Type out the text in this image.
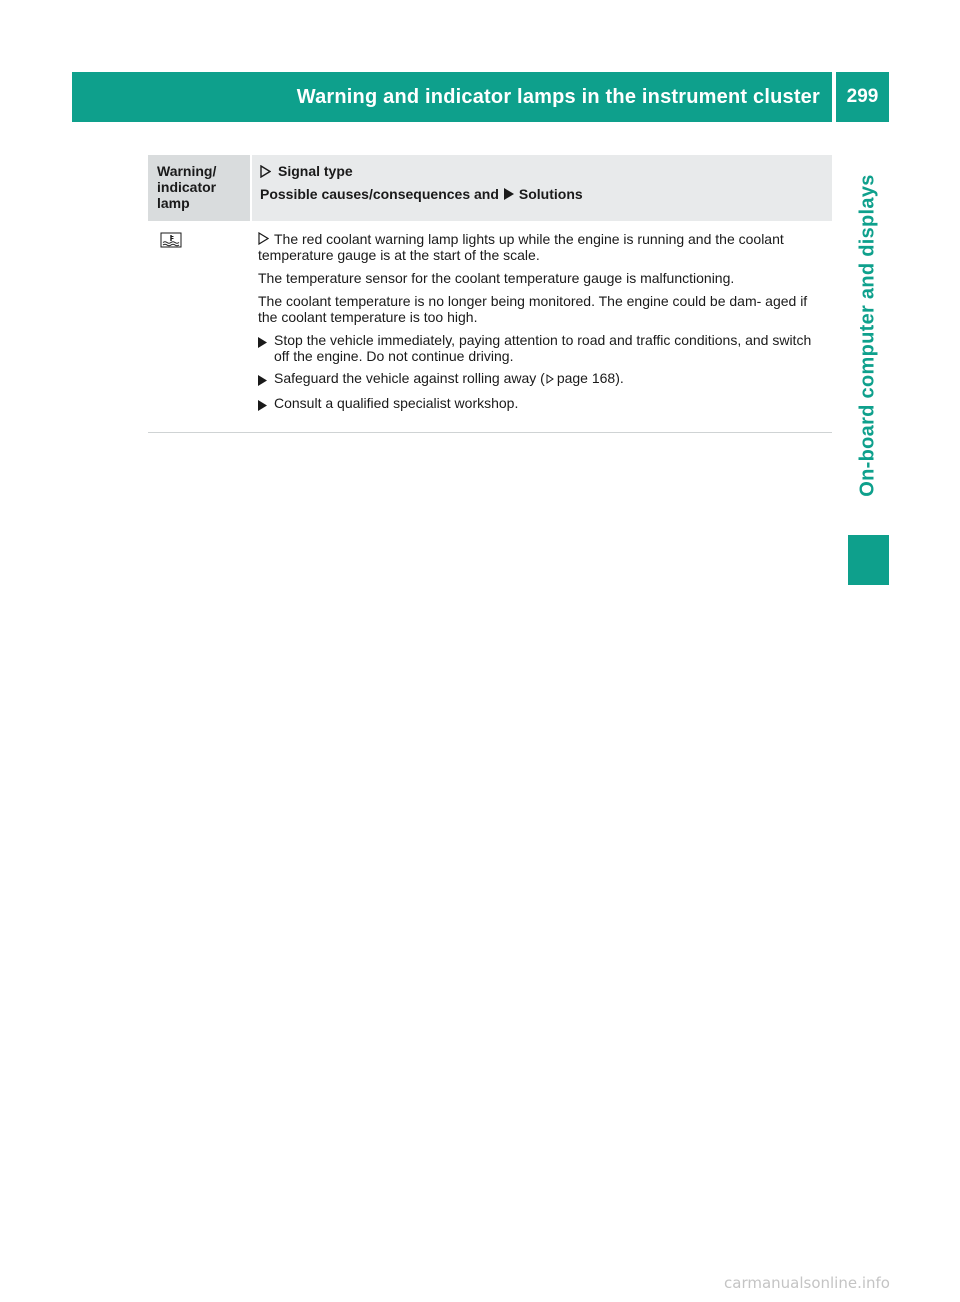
Warning and indicator lamps in the instrument cluster 299
On-board computer and displays
Warning/
indicator
lamp
Signal type
Possible causes/consequences and Solutions

The red coolant warning lamp lights up while the engine is running and the coolant temperature gauge is at the start of the scale.

The temperature sensor for the coolant temperature gauge is malfunctioning.

The coolant temperature is no longer being monitored. The engine could be dam- aged if the coolant temperature is too high.

Stop the vehicle immediately, paying attention to road and traffic conditions, and switch off the engine. Do not continue driving.
Safeguard the vehicle against rolling away ( page 168).
Consult a qualified specialist workshop.
carmanualsonline.info
